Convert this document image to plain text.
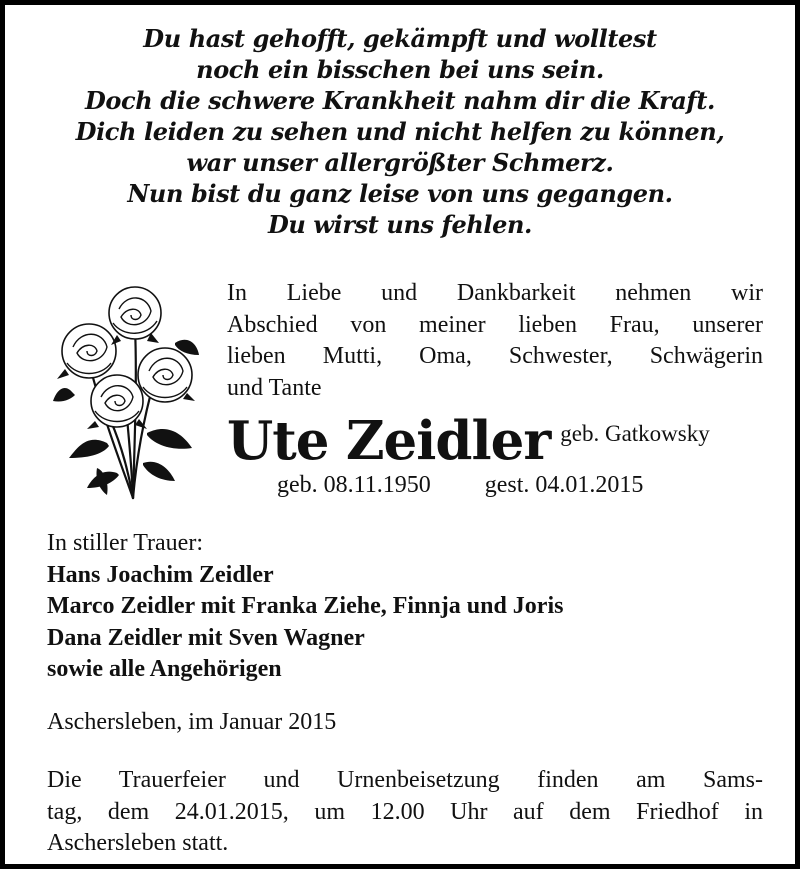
Du hast gehofft, gekämpft und wolltest
noch ein bisschen bei uns sein.
Doch die schwere Krankheit nahm dir die Kraft.
Dich leiden zu sehen und nicht helfen zu können,
war unser allergrößter Schmerz.
Nun bist du ganz leise von uns gegangen.
Du wirst uns fehlen.
In Liebe und Dankbarkeit nehmen wir
Abschied von meiner lieben Frau, unserer
lieben Mutti, Oma, Schwester, Schwägerin
und Tante
Ute Zeidler geb. Gatkowsky
geb. 08.11.1950 gest. 04.01.2015
In stiller Trauer:
Hans Joachim Zeidler
Marco Zeidler mit Franka Ziehe, Finnja und Joris
Dana Zeidler mit Sven Wagner
sowie alle Angehörigen
Aschersleben, im Januar 2015
Die Trauerfeier und Urnenbeisetzung finden am Sams-
tag, dem 24.01.2015, um 12.00 Uhr auf dem Friedhof in
Aschersleben statt.
